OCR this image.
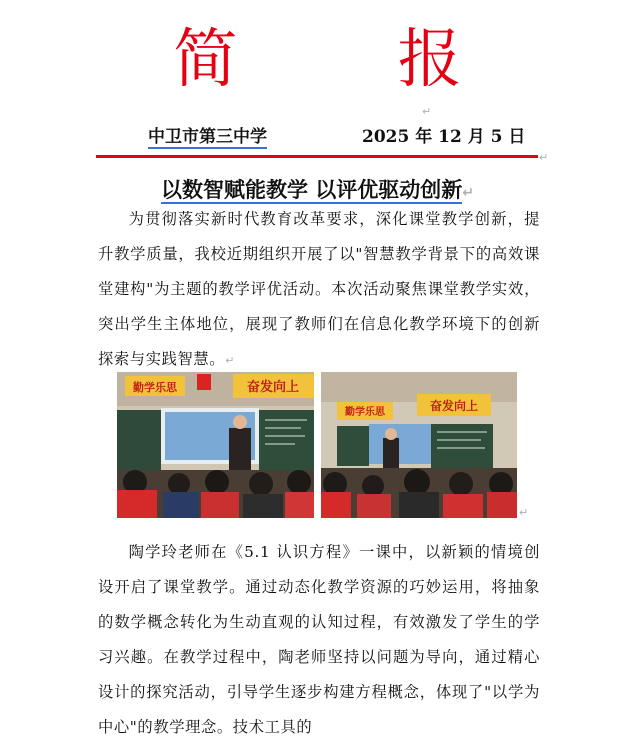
简 报
↵
中卫市第三中学	2025 年 12 月 5 日
↵
以数智赋能教学 以评优驱动创新↵

为贯彻落实新时代教育改革要求，深化课堂教学创新，提升教学质量，我校近期组织开展了以"智慧教学背景下的高效课堂建构"为主题的教学评优活动。本次活动聚焦课堂教学实效，突出学生主体地位，展现了教师们在信息化教学环境下的创新探索与实践智慧。↵

勤学乐思	奋发向上
勤学乐思	奋发向上
↵

陶学玲老师在《5.1 认识方程》一课中，以新颖的情境创设开启了课堂教学。通过动态化教学资源的巧妙运用，将抽象的数学概念转化为生动直观的认知过程，有效激发了学生的学习兴趣。在教学过程中，陶老师坚持以问题为导向，通过精心设计的探究活动，引导学生逐步构建方程概念，体现了"以学为中心"的教学理念。技术工具的
